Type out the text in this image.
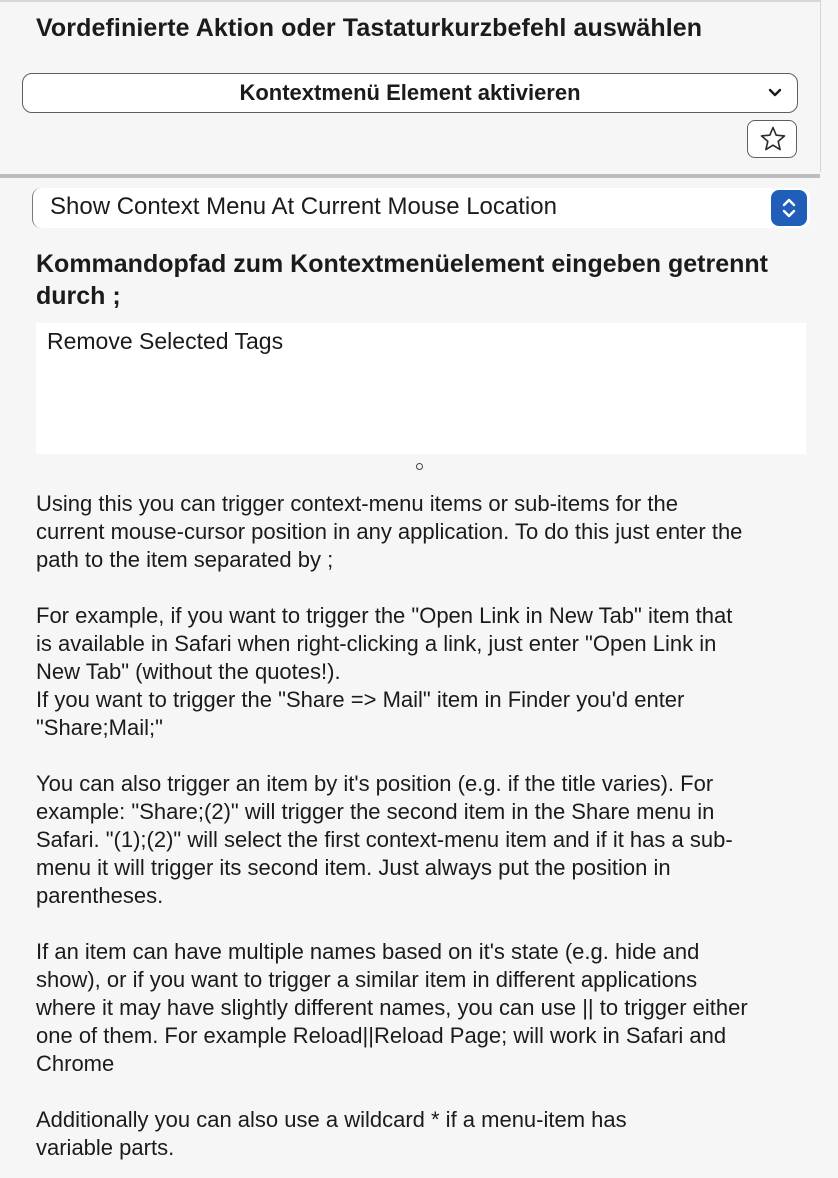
Vordefinierte Aktion oder Tastaturkurzbefehl auswählen
Kontextmenü Element aktivieren
Show Context Menu At Current Mouse Location
Kommandopfad zum Kontextmenüelement eingeben getrennt durch ;
Remove Selected Tags
Using this you can trigger context-menu items or sub-items for the
current mouse-cursor position in any application. To do this just enter the
path to the item separated by ;

For example, if you want to trigger the "Open Link in New Tab" item that
is available in Safari when right-clicking a link, just enter "Open Link in
New Tab" (without the quotes!).
If you want to trigger the "Share => Mail" item in Finder you'd enter
"Share;Mail;"

You can also trigger an item by it's position (e.g. if the title varies). For
example: "Share;(2)" will trigger the second item in the Share menu in
Safari. "(1);(2)" will select the first context-menu item and if it has a sub-
menu it will trigger its second item. Just always put the position in
parentheses.

If an item can have multiple names based on it's state (e.g. hide and
show), or if you want to trigger a similar item in different applications
where it may have slightly different names, you can use || to trigger either
one of them. For example Reload||Reload Page; will work in Safari and
Chrome

Additionally you can also use a wildcard * if a menu-item has
variable parts.
